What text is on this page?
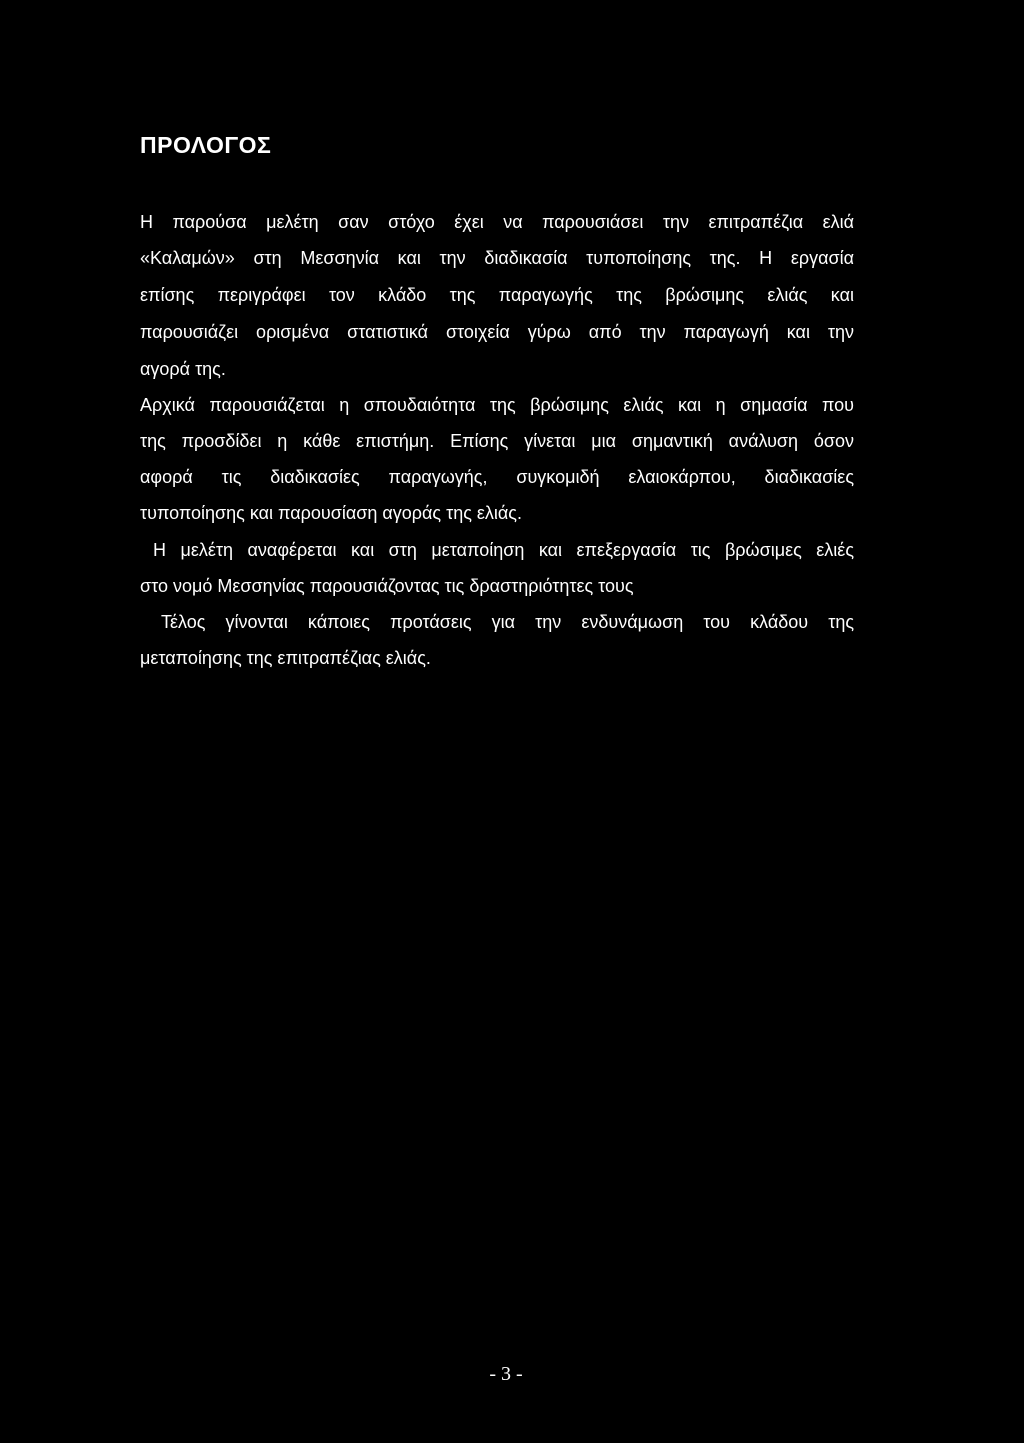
ΠΡΟΛΟΓΟΣ
Η παρούσα μελέτη σαν στόχο έχει να παρουσιάσει την επιτραπέζια ελιά
«Καλαμών» στη Μεσσηνία και την διαδικασία τυποποίησης της. Η εργασία
επίσης περιγράφει τον κλάδο της παραγωγής της βρώσιμης ελιάς και
παρουσιάζει ορισμένα στατιστικά στοιχεία γύρω από την παραγωγή και την
αγορά της.
Αρχικά παρουσιάζεται η σπουδαιότητα της βρώσιμης ελιάς και η σημασία που
της προσδίδει η κάθε επιστήμη. Επίσης γίνεται μια σημαντική ανάλυση όσον
αφορά τις διαδικασίες παραγωγής, συγκομιδή ελαιοκάρπου, διαδικασίες
τυποποίησης και παρουσίαση αγοράς της ελιάς.
Η μελέτη αναφέρεται και στη μεταποίηση και επεξεργασία τις βρώσιμες ελιές
στο νομό Μεσσηνίας παρουσιάζοντας τις δραστηριότητες τους
Τέλος γίνονται κάποιες προτάσεις για την ενδυνάμωση του κλάδου της
μεταποίησης της επιτραπέζιας ελιάς.
- 3 -
